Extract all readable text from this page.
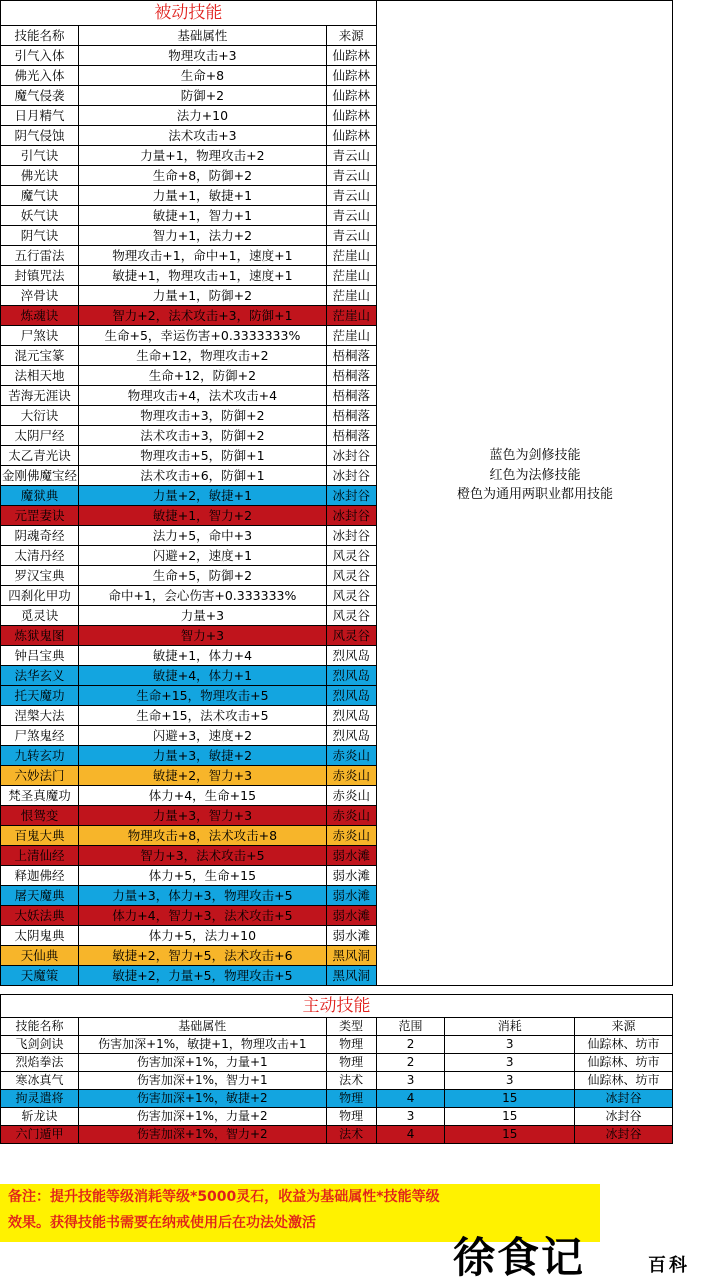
被动技能			
技能名称	基础属性	来源	
引气入体	物理攻击+3	仙踪林	
佛光入体	生命+8	仙踪林	
魔气侵袭	防御+2	仙踪林	
日月精气	法力+10	仙踪林	
阴气侵蚀	法术攻击+3	仙踪林	
引气诀	力量+1，物理攻击+2	青云山	
佛光诀	生命+8，防御+2	青云山	
魔气诀	力量+1，敏捷+1	青云山	
妖气诀	敏捷+1，智力+1	青云山	
阴气诀	智力+1，法力+2	青云山	
五行雷法	物理攻击+1，命中+1，速度+1	茫崖山	
封镇咒法	敏捷+1，物理攻击+1，速度+1	茫崖山	
淬骨诀	力量+1，防御+2	茫崖山	
炼魂诀	智力+2，法术攻击+3，防御+1	茫崖山	
尸煞诀	生命+5，幸运伤害+0.3333333%	茫崖山	
混元宝篆	生命+12，物理攻击+2	梧桐落	
法相天地	生命+12，防御+2	梧桐落	
苦海无涯诀	物理攻击+4，法术攻击+4	梧桐落	
大衍诀	物理攻击+3，防御+2	梧桐落	
太阴尸经	法术攻击+3，防御+2	梧桐落	
太乙青光诀	物理攻击+5，防御+1	冰封谷	
金刚佛魔宝经	法术攻击+6，防御+1	冰封谷	
魔狱典	力量+2，敏捷+1	冰封谷	
元罡妻诀	敏捷+1，智力+2	冰封谷	
阴魂奇经	法力+5，命中+3	冰封谷	
太清丹经	闪避+2，速度+1	风灵谷	
罗汉宝典	生命+5，防御+2	风灵谷	
四刹化甲功	命中+1，会心伤害+0.333333%	风灵谷	
觅灵诀	力量+3	风灵谷	
炼狱鬼图	智力+3	风灵谷	
钟吕宝典	敏捷+1，体力+4	烈风岛	
法华玄义	敏捷+4，体力+1	烈风岛	
托天魔功	生命+15，物理攻击+5	烈风岛	
涅槃大法	生命+15，法术攻击+5	烈风岛	
尸煞鬼经	闪避+3，速度+2	烈风岛	
九转玄功	力量+3，敏捷+2	赤炎山	
六妙法门	敏捷+2，智力+3	赤炎山	
梵圣真魔功	体力+4，生命+15	赤炎山	
恨鸳变	力量+3，智力+3	赤炎山	
百鬼大典	物理攻击+8，法术攻击+8	赤炎山	
上清仙经	智力+3，法术攻击+5	弱水滩	
释迦佛经	体力+5，生命+15	弱水滩	
屠天魔典	力量+3，体力+3，物理攻击+5	弱水滩	
大妖法典	体力+4，智力+3，法术攻击+5	弱水滩	
太阴鬼典	体力+5，法力+10	弱水滩	
天仙典	敏捷+2，智力+5，法术攻击+6	黑风洞	
天魔策	敏捷+2，力量+5，物理攻击+5	黑风洞	
蓝色为剑修技能
红色为法修技能
橙色为通用两职业都用技能
主动技能					
技能名称	基础属性	类型	范围	消耗	来源
飞剑剑诀	伤害加深+1%，敏捷+1，物理攻击+1	物理	2	3	仙踪林、坊市
烈焰拳法	伤害加深+1%，力量+1	物理	2	3	仙踪林、坊市
寒冰真气	伤害加深+1%，智力+1	法术	3	3	仙踪林、坊市
拘灵遣将	伤害加深+1%，敏捷+2	物理	4	15	冰封谷
斩龙诀	伤害加深+1%，力量+2	物理	3	15	冰封谷
六门遁甲	伤害加深+1%，智力+2	法术	4	15	冰封谷

备注：提升技能等级消耗等级*5000灵石，收益为基础属性*技能等级

效果。获得技能书需要在纳戒使用后在功法处激活

徐食记	百科
